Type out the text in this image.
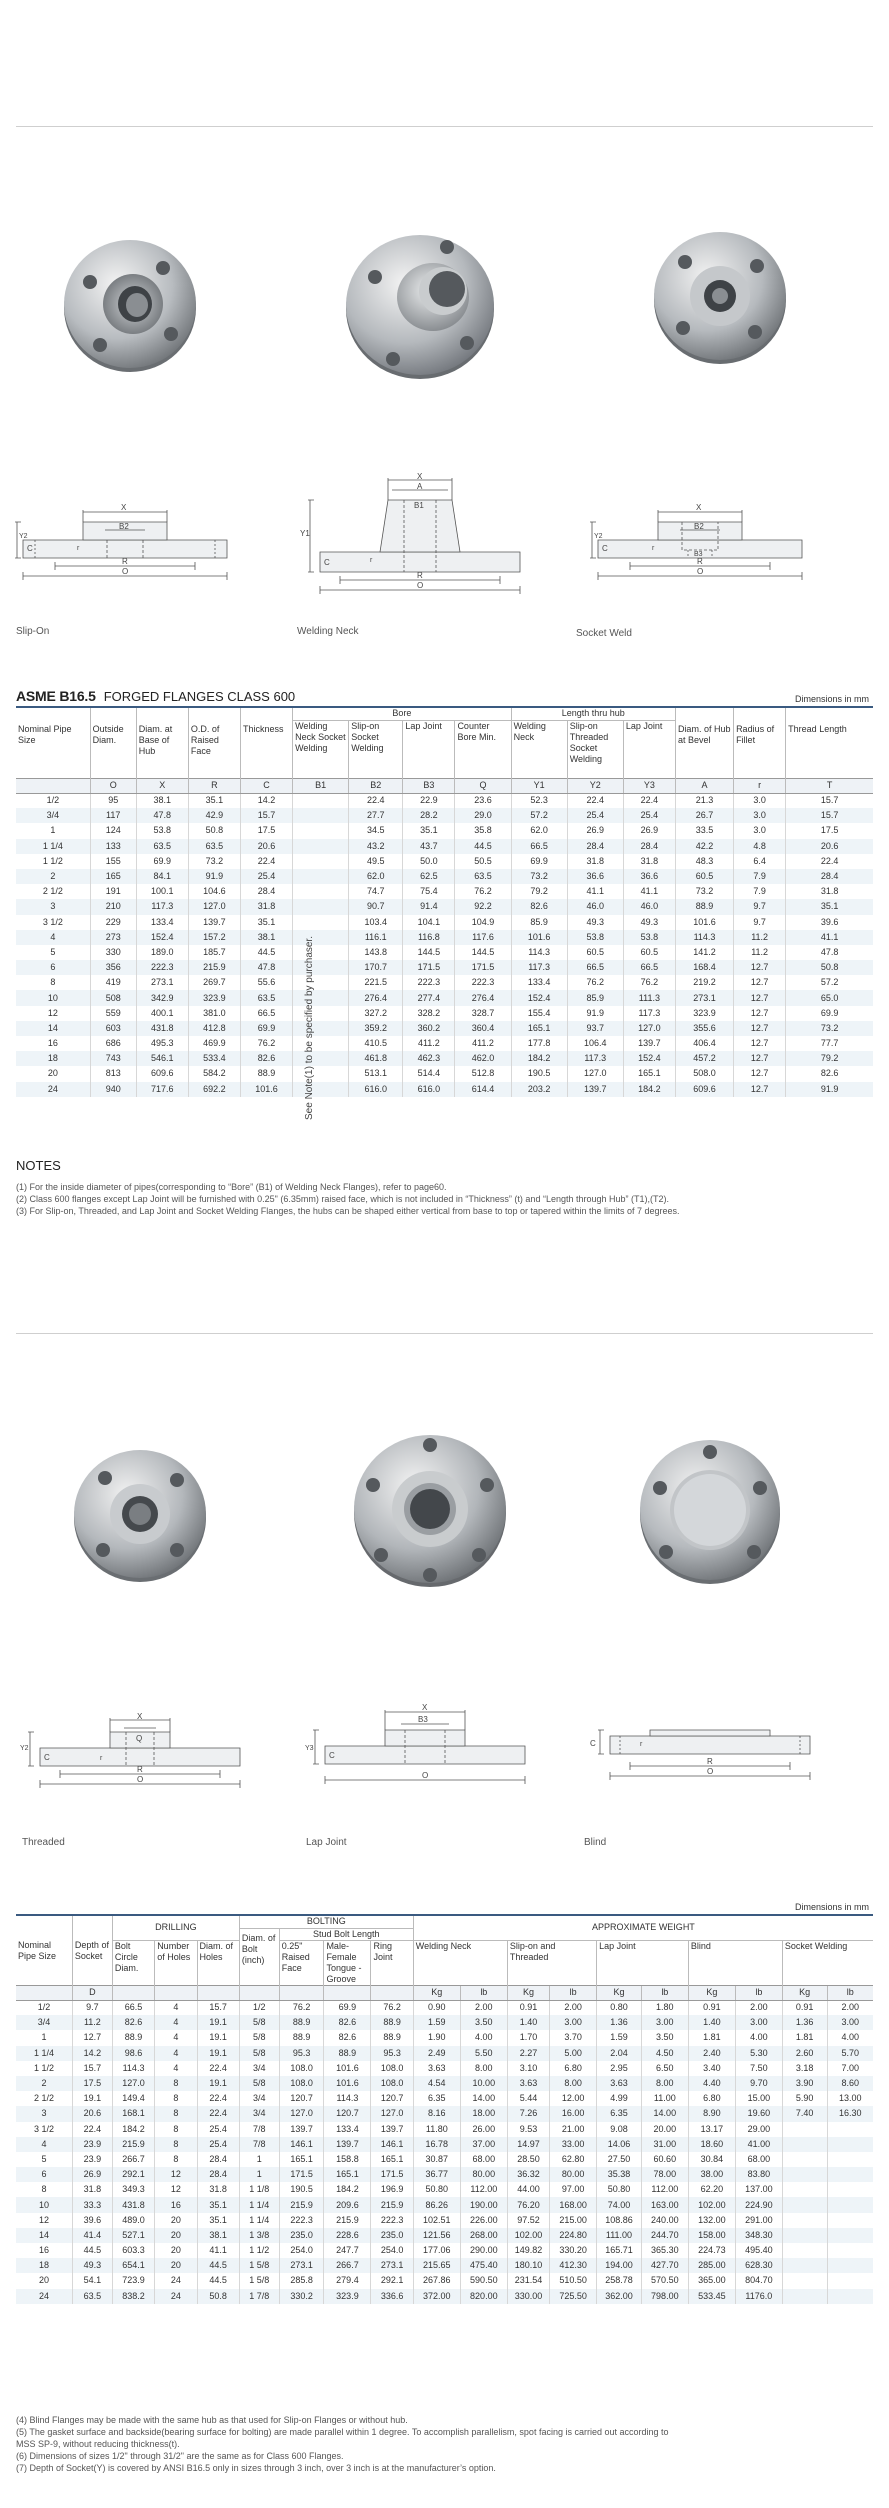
X
B2
C
Y2
R
O
r
X
A
B1
Y1
C
R
O
r
X
B2
C
Y2
B3
R
O
r
Slip-On	Welding Neck	Socket Weld
ASME B16.5 FORGED FLANGES CLASS 600	Dimensions in mm
Nominal Pipe Size	Outside Diam.	Diam. at Base of Hub	O.D. of Raised Face	Thickness	Bore				Length thru hub			Diam. of Hub at Bevel	Radius of Fillet	Thread Length
					Welding Neck Socket Welding	Slip-on Socket Welding	Lap Joint	Counter Bore Min.	Welding Neck	Slip-on Threaded Socket Welding	Lap Joint			
	O	X	R	C	B1	B2	B3	Q	Y1	Y2	Y3	A	r	T
1/2	95	38.1	35.1	14.2		22.4	22.9	23.6	52.3	22.4	22.4	21.3	3.0	15.7
3/4	117	47.8	42.9	15.7		27.7	28.2	29.0	57.2	25.4	25.4	26.7	3.0	15.7
1	124	53.8	50.8	17.5		34.5	35.1	35.8	62.0	26.9	26.9	33.5	3.0	17.5
1 1/4	133	63.5	63.5	20.6		43.2	43.7	44.5	66.5	28.4	28.4	42.2	4.8	20.6
1 1/2	155	69.9	73.2	22.4		49.5	50.0	50.5	69.9	31.8	31.8	48.3	6.4	22.4
2	165	84.1	91.9	25.4		62.0	62.5	63.5	73.2	36.6	36.6	60.5	7.9	28.4
2 1/2	191	100.1	104.6	28.4		74.7	75.4	76.2	79.2	41.1	41.1	73.2	7.9	31.8
3	210	117.3	127.0	31.8		90.7	91.4	92.2	82.6	46.0	46.0	88.9	9.7	35.1
3 1/2	229	133.4	139.7	35.1		103.4	104.1	104.9	85.9	49.3	49.3	101.6	9.7	39.6
4	273	152.4	157.2	38.1		116.1	116.8	117.6	101.6	53.8	53.8	114.3	11.2	41.1
5	330	189.0	185.7	44.5		143.8	144.5	144.5	114.3	60.5	60.5	141.2	11.2	47.8
6	356	222.3	215.9	47.8		170.7	171.5	171.5	117.3	66.5	66.5	168.4	12.7	50.8
8	419	273.1	269.7	55.6		221.5	222.3	222.3	133.4	76.2	76.2	219.2	12.7	57.2
10	508	342.9	323.9	63.5		276.4	277.4	276.4	152.4	85.9	111.3	273.1	12.7	65.0
12	559	400.1	381.0	66.5		327.2	328.2	328.7	155.4	91.9	117.3	323.9	12.7	69.9
14	603	431.8	412.8	69.9		359.2	360.2	360.4	165.1	93.7	127.0	355.6	12.7	73.2
16	686	495.3	469.9	76.2		410.5	411.2	411.2	177.8	106.4	139.7	406.4	12.7	77.7
18	743	546.1	533.4	82.6		461.8	462.3	462.0	184.2	117.3	152.4	457.2	12.7	79.2
20	813	609.6	584.2	88.9		513.1	514.4	512.8	190.5	127.0	165.1	508.0	12.7	82.6
24	940	717.6	692.2	101.6		616.0	616.0	614.4	203.2	139.7	184.2	609.6	12.7	91.9
See Note(1) to be specified by purchaser.
NOTES
(1) For the inside diameter of pipes(corresponding to “Bore” (B1) of Welding Neck Flanges), refer to page60.
(2) Class 600 flanges except Lap Joint will be furnished with 0.25" (6.35mm) raised face, which is not included in “Thickness” (t) and “Length through Hub” (T1),(T2).
(3) For Slip-on, Threaded, and Lap Joint and Socket Welding Flanges, the hubs can be shaped either vertical from base to top or tapered within the limits of 7 degrees.
X
Q
C
Y2
r
R
O
X
B3
Y3
C
O
C
R
O
r
Threaded	Lap Joint	Blind
Dimensions in mm
Nominal Pipe Size	Depth of Socket	DRILLING			BOLTING				APPROXIMATE WEIGHT									
					Diam. of Bolt (inch)	Stud Bolt Length												
		Bolt Circle Diam.	Number of Holes	Diam. of Holes		0.25" Raised Face	Male-Female Tongue -Groove	Ring Joint	Welding Neck		Slip-on and Threaded		Lap Joint		Blind		Socket Welding	
	D								Kg	lb	Kg	lb	Kg	lb	Kg	lb	Kg	lb
1/2	9.7	66.5	4	15.7	1/2	76.2	69.9	76.2	0.90	2.00	0.91	2.00	0.80	1.80	0.91	2.00	0.91	2.00
3/4	11.2	82.6	4	19.1	5/8	88.9	82.6	88.9	1.59	3.50	1.40	3.00	1.36	3.00	1.40	3.00	1.36	3.00
1	12.7	88.9	4	19.1	5/8	88.9	82.6	88.9	1.90	4.00	1.70	3.70	1.59	3.50	1.81	4.00	1.81	4.00
1 1/4	14.2	98.6	4	19.1	5/8	95.3	88.9	95.3	2.49	5.50	2.27	5.00	2.04	4.50	2.40	5.30	2.60	5.70
1 1/2	15.7	114.3	4	22.4	3/4	108.0	101.6	108.0	3.63	8.00	3.10	6.80	2.95	6.50	3.40	7.50	3.18	7.00
2	17.5	127.0	8	19.1	5/8	108.0	101.6	108.0	4.54	10.00	3.63	8.00	3.63	8.00	4.40	9.70	3.90	8.60
2 1/2	19.1	149.4	8	22.4	3/4	120.7	114.3	120.7	6.35	14.00	5.44	12.00	4.99	11.00	6.80	15.00	5.90	13.00
3	20.6	168.1	8	22.4	3/4	127.0	120.7	127.0	8.16	18.00	7.26	16.00	6.35	14.00	8.90	19.60	7.40	16.30
3 1/2	22.4	184.2	8	25.4	7/8	139.7	133.4	139.7	11.80	26.00	9.53	21.00	9.08	20.00	13.17	29.00		
4	23.9	215.9	8	25.4	7/8	146.1	139.7	146.1	16.78	37.00	14.97	33.00	14.06	31.00	18.60	41.00		
5	23.9	266.7	8	28.4	1	165.1	158.8	165.1	30.87	68.00	28.50	62.80	27.50	60.60	30.84	68.00		
6	26.9	292.1	12	28.4	1	171.5	165.1	171.5	36.77	80.00	36.32	80.00	35.38	78.00	38.00	83.80		
8	31.8	349.3	12	31.8	1 1/8	190.5	184.2	196.9	50.80	112.00	44.00	97.00	50.80	112.00	62.20	137.00		
10	33.3	431.8	16	35.1	1 1/4	215.9	209.6	215.9	86.26	190.00	76.20	168.00	74.00	163.00	102.00	224.90		
12	39.6	489.0	20	35.1	1 1/4	222.3	215.9	222.3	102.51	226.00	97.52	215.00	108.86	240.00	132.00	291.00		
14	41.4	527.1	20	38.1	1 3/8	235.0	228.6	235.0	121.56	268.00	102.00	224.80	111.00	244.70	158.00	348.30		
16	44.5	603.3	20	41.1	1 1/2	254.0	247.7	254.0	177.06	290.00	149.82	330.20	165.71	365.30	224.73	495.40		
18	49.3	654.1	20	44.5	1 5/8	273.1	266.7	273.1	215.65	475.40	180.10	412.30	194.00	427.70	285.00	628.30		
20	54.1	723.9	24	44.5	1 5/8	285.8	279.4	292.1	267.86	590.50	231.54	510.50	258.78	570.50	365.00	804.70		
24	63.5	838.2	24	50.8	1 7/8	330.2	323.9	336.6	372.00	820.00	330.00	725.50	362.00	798.00	533.45	1176.0		
(4) Blind Flanges may be made with the same hub as that used for Slip-on Flanges or without hub.
(5) The gasket surface and backside(bearing surface for bolting) are made parallel within 1 degree. To accomplish parallelism, spot facing is carried out according to
MSS SP-9, without reducing thickness(t).
(6) Dimensions of sizes 1/2" through 31/2" are the same as for Class 600 Flanges.
(7) Depth of Socket(Y) is covered by ANSI B16.5 only in sizes through 3 inch, over 3 inch is at the manufacturer’s option.
